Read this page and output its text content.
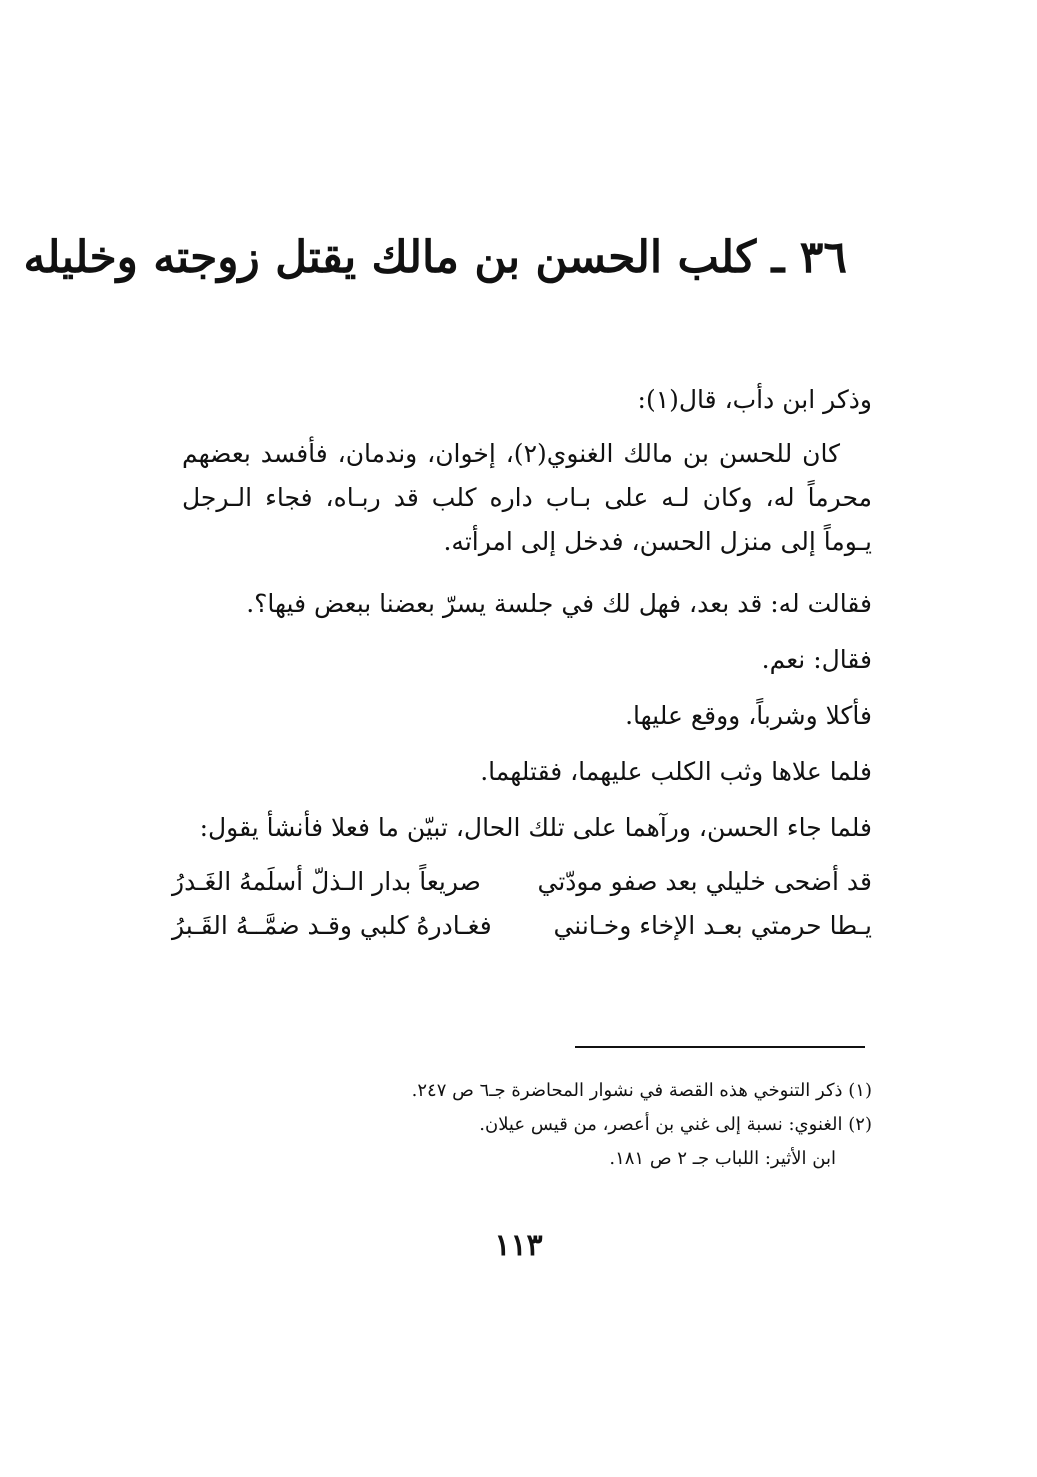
٣٦ ـ كلب الحسن بن مالك يقتل زوجته وخليله
وذكر ابن دأب، قال(١):
كان للحسن بن مالك الغنوي(٢)، إخوان، وندمان، فأفسد بعضهم محرماً له، وكان لـه على بـاب داره كلب قد ربـاه، فجاء الـرجل يـوماً إلى منزل الحسن، فدخل إلى امرأته.
فقالت له: قد بعد، فهل لك في جلسة يسرّ بعضنا ببعض فيها؟.
فقال: نعم.
فأكلا وشرباً، ووقع عليها.
فلما علاها وثب الكلب عليهما، فقتلهما.
فلما جاء الحسن، ورآهما على تلك الحال، تبيّن ما فعلا فأنشأ يقول:
قد أضحى خليلي بعد صفو مودّتي
صريعاً بدار الـذلّ أسلَمهُ الغَـدرُ
يـطا حرمتي بعـد الإخاء وخـانني
فغـادرهُ كلبي وقـد ضمَّــهُ القَـبرُ
(١) ذكر التنوخي هذه القصة في نشوار المحاضرة جـ٦ ص ٢٤٧.
(٢) الغنوي: نسبة إلى غني بن أعصر، من قيس عيلان.
ابن الأثير: اللباب جـ ٢ ص ١٨١.
١١٣
